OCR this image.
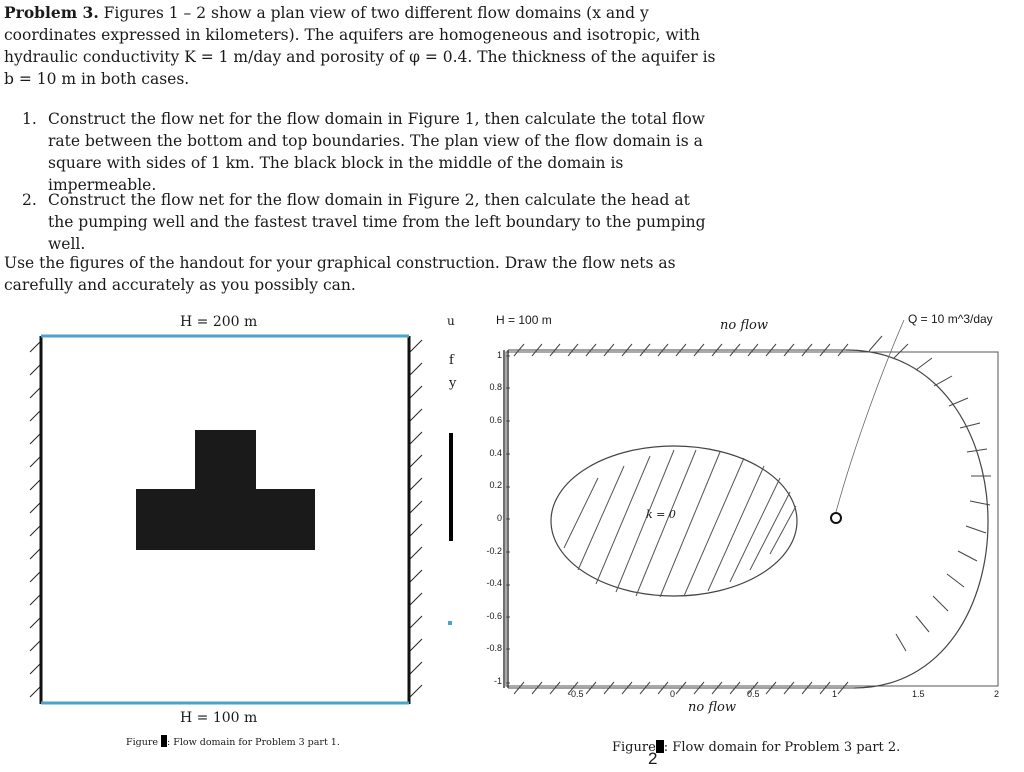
Problem 3. Figures 1 – 2 show a plan view of two different flow domains (x and y coordinates expressed in kilometers). The aquifers are homogeneous and isotropic, with hydraulic conductivity K = 1 m/day and porosity of φ = 0.4. The thickness of the aquifer is b = 10 m in both cases.
1. Construct the flow net for the flow domain in Figure 1, then calculate the total flow rate between the bottom and top boundaries. The plan view of the flow domain is a square with sides of 1 km. The black block in the middle of the domain is impermeable.
2. Construct the flow net for the flow domain in Figure 2, then calculate the head at the pumping well and the fastest travel time from the left boundary to the pumping well.
Use the figures of the handout for your graphical construction. Draw the flow nets as carefully and accurately as you possibly can.
H = 200 m
H = 100 m
Figure : Flow domain for Problem 3 part 1.
u
f
y
H = 100 m	Q = 10 m^3/day
no flow
no flow
k = 0
1
0.8
0.6
0.4
0.2
0
-0.2
-0.4
-0.6
-0.8
-1
-0.5	0	0.5	1	1.5	2
Figure : Flow domain for Problem 3 part 2.
2
